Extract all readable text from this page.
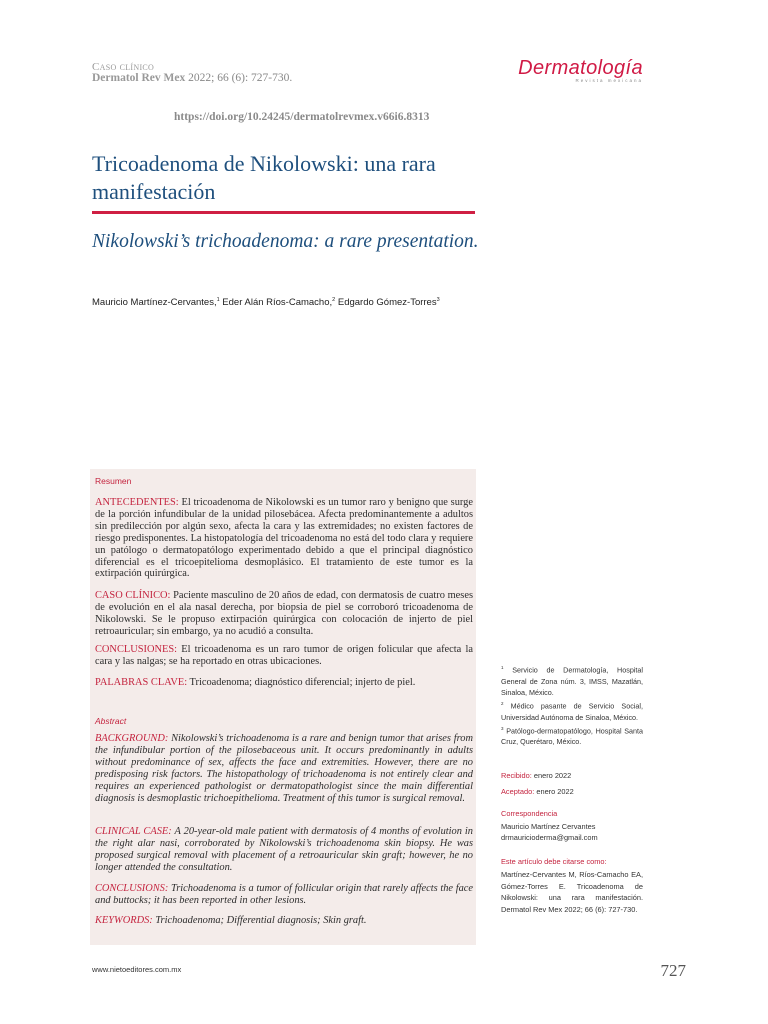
Caso clínico
Dermatol Rev Mex 2022; 66 (6): 727-730.	Dermatología
Revista mexicana
https://doi.org/10.24245/dermatolrevmex.v66i6.8313
Tricoadenoma de Nikolowski: una rara manifestación
Nikolowski’s trichoadenoma: a rare presentation.
Mauricio Martínez-Cervantes,$^1$ Eder Alán Ríos-Camacho,$^2$ Edgardo Gómez-Torres$^3$
Resumen
ANTECEDENTES: El tricoadenoma de Nikolowski es un tumor raro y benigno que surge de la porción infundibular de la unidad pilosebácea. Afecta predominantemente a adultos sin predilección por algún sexo, afecta la cara y las extremidades; no existen factores de riesgo predisponentes. La histopatología del tricoadenoma no está del todo clara y requiere un patólogo o dermatopatólogo experimentado debido a que el principal diagnóstico diferencial es el tricoepitelioma desmoplásico. El tratamiento de este tumor es la extirpación quirúrgica.
CASO CLÍNICO: Paciente masculino de 20 años de edad, con dermatosis de cuatro meses de evolución en el ala nasal derecha, por biopsia de piel se corroboró tricoadenoma de Nikolowski. Se le propuso extirpación quirúrgica con colocación de injerto de piel retroauricular; sin embargo, ya no acudió a consulta.
CONCLUSIONES: El tricoadenoma es un raro tumor de origen folicular que afecta la cara y las nalgas; se ha reportado en otras ubicaciones.
PALABRAS CLAVE: Tricoadenoma; diagnóstico diferencial; injerto de piel.
Abstract
BACKGROUND: Nikolowski’s trichoadenoma is a rare and benign tumor that arises from the infundibular portion of the pilosebaceous unit. It occurs predominantly in adults without predominance of sex, affects the face and extremities. However, there are no predisposing risk factors. The histopathology of trichoadenoma is not entirely clear and requires an experienced pathologist or dermatopathologist since the main differential diagnosis is desmoplastic trichoepithelioma. Treatment of this tumor is surgical removal.
CLINICAL CASE: A 20-year-old male patient with dermatosis of 4 months of evolution in the right alar nasi, corroborated by Nikolowski’s trichoadenoma skin biopsy. He was proposed surgical removal with placement of a retroauricular skin graft; however, he no longer attended the consultation.
CONCLUSIONS: Trichoadenoma is a tumor of follicular origin that rarely affects the face and buttocks; it has been reported in other lesions.
KEYWORDS: Trichoadenoma; Differential diagnosis; Skin graft.
$^1$ Servicio de Dermatología, Hospital General de Zona núm. 3, IMSS, Mazatlán, Sinaloa, México.
$^2$ Médico pasante de Servicio Social, Universidad Autónoma de Sinaloa, México.
$^3$ Patólogo-dermatopatólogo, Hospital Santa Cruz, Querétaro, México.
Recibido: enero 2022
Aceptado: enero 2022
Correspondencia
Mauricio Martínez Cervantes
drmauricioderma@gmail.com
Este artículo debe citarse como:
Martínez-Cervantes M, Ríos-Camacho EA, Gómez-Torres E. Tricoadenoma de Nikolowski: una rara manifestación. Dermatol Rev Mex 2022; 66 (6): 727-730.
www.nietoeditores.com.mx	727
